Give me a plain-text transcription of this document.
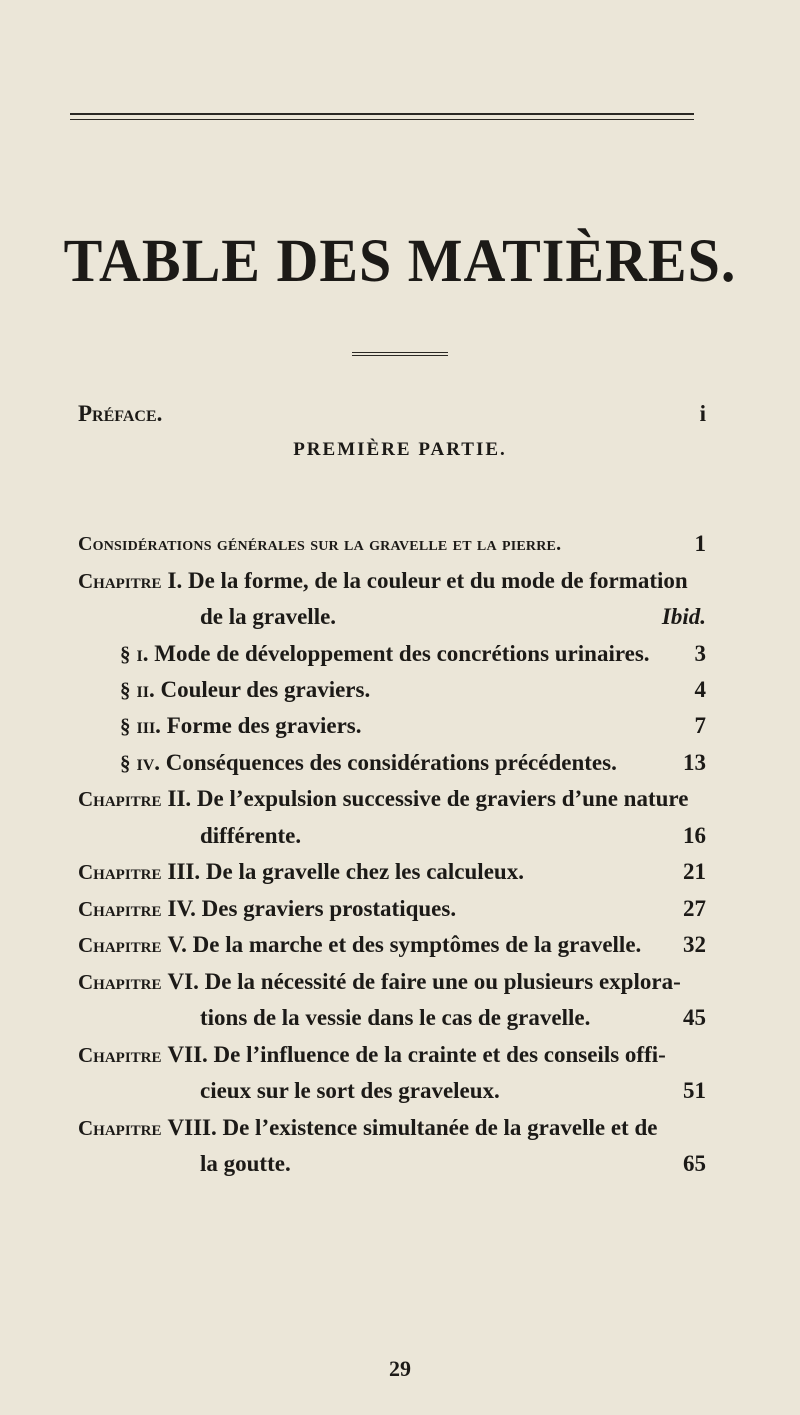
TABLE DES MATIÈRES.
Préface.	i
PREMIÈRE PARTIE.
Considérations générales sur la gravelle et la pierre.	1
Chapitre I. De la forme, de la couleur et du mode de formation
de la gravelle.	Ibid.
§ i. Mode de développement des concrétions urinaires. 3
§ ii. Couleur des graviers.	4
§ iii. Forme des graviers.	7
§ iv. Conséquences des considérations précédentes.	13
Chapitre II. De l’expulsion successive de graviers d’une nature
différente.	16
Chapitre III. De la gravelle chez les calculeux.	21
Chapitre IV. Des graviers prostatiques.	27
Chapitre V. De la marche et des symptômes de la gravelle. 32
Chapitre VI. De la nécessité de faire une ou plusieurs explora-
tions de la vessie dans le cas de gravelle.	45
Chapitre VII. De l’influence de la crainte et des conseils offi-
cieux sur le sort des graveleux.	51
Chapitre VIII. De l’existence simultanée de la gravelle et de
la goutte.	65
29
